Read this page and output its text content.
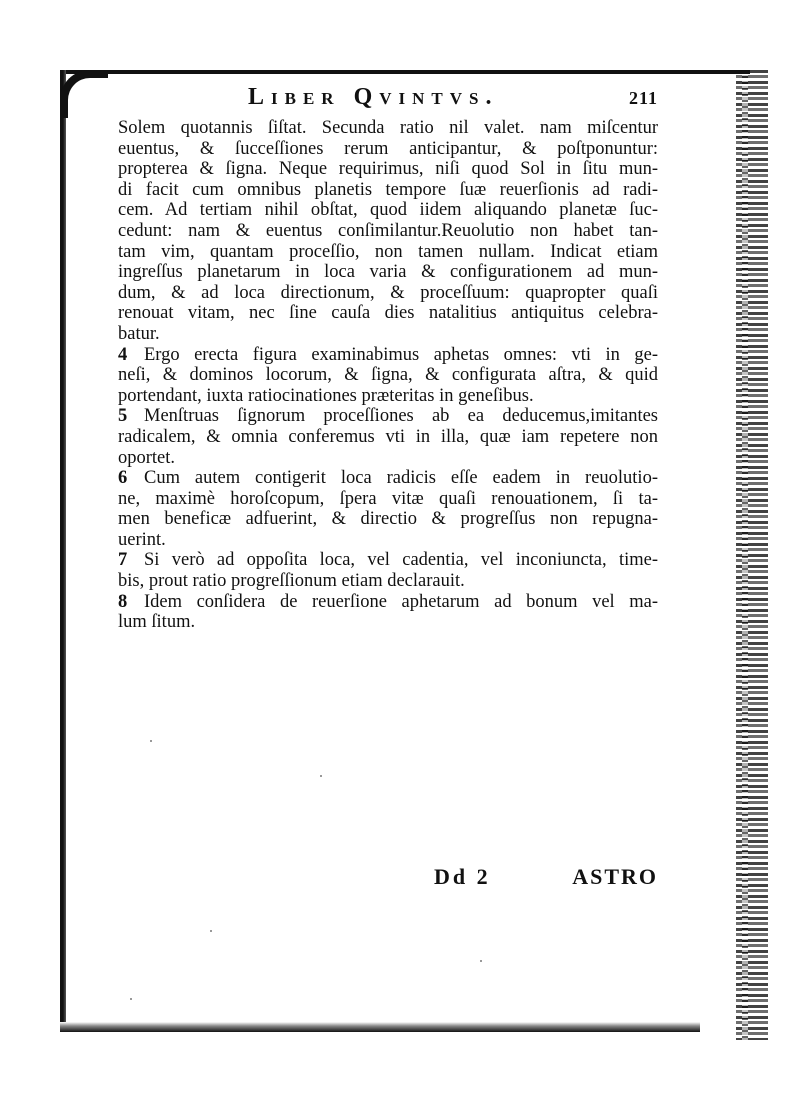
Liber Qvintvs.	211
Solem quotannis ſiſtat. Secunda ratio nil valet. nam miſcentur
euentus, & ſucceſſiones rerum anticipantur, & poſtponuntur:
propterea & ſigna. Neque requirimus, niſi quod Sol in ſitu mun-
di facit cum omnibus planetis tempore ſuæ reuerſionis ad radi-
cem. Ad tertiam nihil obſtat, quod iidem aliquando planetæ ſuc-
cedunt: nam & euentus conſimilantur.Reuolutio non habet tan-
tam vim, quantam proceſſio, non tamen nullam. Indicat etiam
ingreſſus planetarum in loca varia & configurationem ad mun-
dum, & ad loca directionum, & proceſſuum: quapropter quaſi
renouat vitam, nec ſine cauſa dies natalitius antiquitus celebra-
batur.
4 Ergo erecta figura examinabimus aphetas omnes: vti in ge-
neſi, & dominos locorum, & ſigna, & configurata aſtra, & quid
portendant, iuxta ratiocinationes præteritas in geneſibus.
5 Menſtruas ſignorum proceſſiones ab ea deducemus,imitantes
radicalem, & omnia conferemus vti in illa, quæ iam repetere non
oportet.
6 Cum autem contigerit loca radicis eſſe eadem in reuolutio-
ne, maximè horoſcopum, ſpera vitæ quaſi renouationem, ſi ta-
men beneficæ adfuerint, & directio & progreſſus non repugna-
uerint.
7 Si verò ad oppoſita loca, vel cadentia, vel inconiuncta, time-
bis, prout ratio progreſſionum etiam declarauit.
8 Idem conſidera de reuerſione aphetarum ad bonum vel ma-
lum ſitum.
Dd 2	ASTRO
